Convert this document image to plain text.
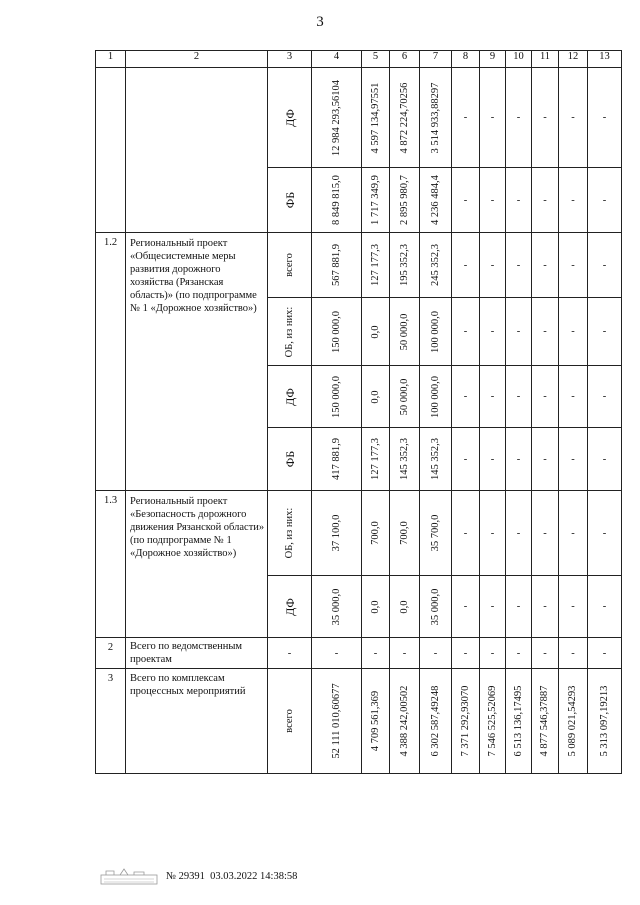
3
1	2	3	4	5	6	7	8	9	10	11	12	13

		ДФ	12 984 293,56104	4 597 134,97551	4 872 224,70256	3 514 933,88297	-	-	-	-	-	-

		ФБ	8 849 815,0	1 717 349,9	2 895 980,7	4 236 484,4	-	-	-	-	-	-
1.2	Региональный проект «Общесистемные меры развития дорожного хозяйства (Рязанская область)» (по подпрограмме № 1 «Дорожное хозяйство»)	всего	567 881,9	127 177,3	195 352,3	245 352,3	-	-	-	-	-	-

		ОБ, из них:	150 000,0	0,0	50 000,0	100 000,0	-	-	-	-	-	-

		ДФ	150 000,0	0,0	50 000,0	100 000,0	-	-	-	-	-	-

		ФБ	417 881,9	127 177,3	145 352,3	145 352,3	-	-	-	-	-	-
1.3	Региональный проект «Безопасность дорожного движения Рязанской области» (по подпрограмме № 1 «Дорожное хозяйство»)	ОБ, из них:	37 100,0	700,0	700,0	35 700,0	-	-	-	-	-	-

		ДФ	35 000,0	0,0	0,0	35 000,0	-	-	-	-	-	-
2	Всего по ведомственным проектам	-	-	-	-	-	-	-	-	-	-	-
3	Всего по комплексам процессных мероприятий	всего	52 111 010,60677	4 709 561,369	4 388 242,00502	6 302 587,49248	7 371 292,93070	7 546 525,52069	6 513 136,17495	4 877 546,37887	5 089 021,54293	5 313 097,19213
№ 29391 03.03.2022 14:38:58
